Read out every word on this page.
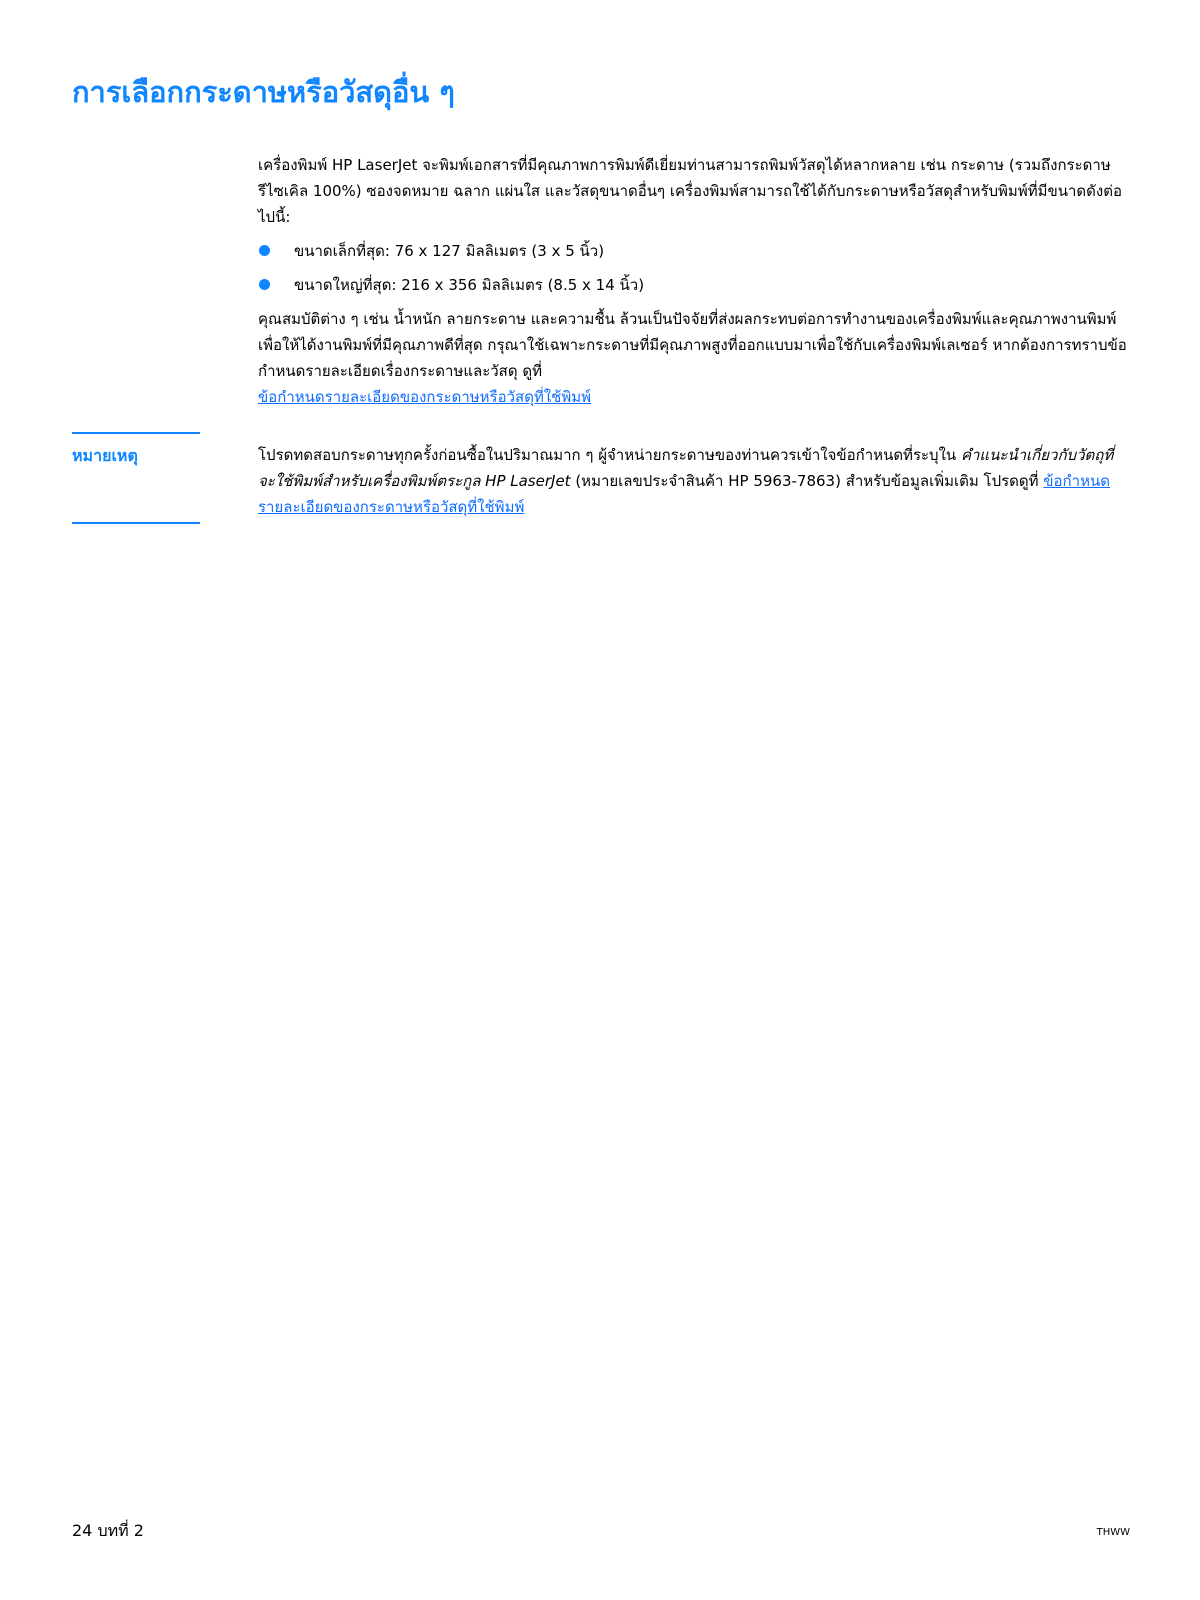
การเลือกกระดาษหรือวัสดุอื่น ๆ

เครื่องพิมพ์ HP LaserJet จะพิมพ์เอกสารที่มีคุณภาพการพิมพ์ดีเยี่ยมท่านสามารถพิมพ์วัสดุได้หลากหลาย เช่น กระดาษ (รวมถึงกระดาษรีไซเคิล 100%) ซองจดหมาย ฉลาก แผ่นใส และวัสดุขนาดอื่นๆ เครื่องพิมพ์สามารถใช้ได้กับกระดาษหรือวัสดุสำหรับพิมพ์ที่มีขนาดดังต่อไปนี้:

ขนาดเล็กที่สุด: 76 x 127 มิลลิเมตร (3 x 5 นิ้ว)
ขนาดใหญ่ที่สุด: 216 x 356 มิลลิเมตร (8.5 x 14 นิ้ว)

คุณสมบัติต่าง ๆ เช่น น้ำหนัก ลายกระดาษ และความชื้น ล้วนเป็นปัจจัยที่ส่งผลกระทบต่อการทำงานของเครื่องพิมพ์และคุณภาพงานพิมพ์ เพื่อให้ได้งานพิมพ์ที่มีคุณภาพดีที่สุด กรุณาใช้เฉพาะกระดาษที่มีคุณภาพสูงที่ออกแบบมาเพื่อใช้กับเครื่องพิมพ์เลเซอร์ หากต้องการทราบข้อกำหนดรายละเอียดเรื่องกระดาษและวัสดุ ดูที่
ข้อกำหนดรายละเอียดของกระดาษหรือวัสดุที่ใช้พิมพ์

หมายเหตุ	โปรดทดสอบกระดาษทุกครั้งก่อนซื้อในปริมาณมาก ๆ ผู้จำหน่ายกระดาษของท่านควรเข้าใจข้อกำหนดที่ระบุใน คำแนะนำเกี่ยวกับวัตถุที่จะใช้พิมพ์สำหรับเครื่องพิมพ์ตระกูล HP LaserJet (หมายเลขประจำสินค้า HP 5963-7863) สำหรับข้อมูลเพิ่มเติม โปรดดูที่ ข้อกำหนดรายละเอียดของกระดาษหรือวัสดุที่ใช้พิมพ์

24 บทที่ 2	THWW
